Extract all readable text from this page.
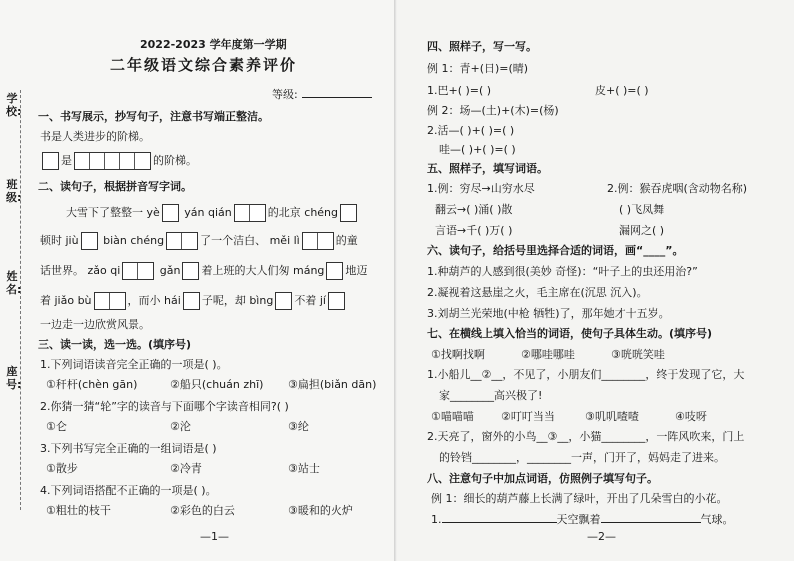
学校:
班级:
姓名:
座号:
2022-2023 学年度第一学期
二年级语文综合素养评价
等级:
一、书写展示，抄写句子，注意书写端正整洁。
书是人类进步的阶梯。
是	的阶梯。
二、读句子，根据拼音写字词。
大雪下了整整一 yè yán qián	的北京 chéng
顿时 jiù biàn chéng	了一个洁白、 měi lì	的童
话世界。 zǎo qi	gǎn 着上班的大人们匆 máng 地迈
着 jiǎo bù	，而小 hái 子呢，却 bìng 不着 jí
一边走一边欣赏风景。
三、读一读，选一选。(填序号)
1.下列词语读音完全正确的一项是( )。
①秆杆(chèn gān)	②船只(chuán zhī) ③扁担(biǎn dān)
2.你猜一猜“轮”字的读音与下面哪个字读音相同?( )
①仑	②沦	③纶
3.下列书写完全正确的一组词语是( )
①散步	②冷青	③站士
4.下列词语搭配不正确的一项是( )。
①粗壮的枝干	②彩色的白云	③暖和的火炉
—1—
四、照样子，写一写。
例 1：青+(日)=(晴)
1.巴+( )=( )	皮+( )=( )
例 2：场—(土)+(木)=(杨)
2.活—( )+( )=( )
哇—( )+( )=( )
五、照样子，填写词语。
1.例：穷尽→山穷水尽	2.例：猴吞虎咽(含动物名称)
翻云→( )涌( )散	( )飞凤舞
言语→千( )万( )	漏网之( )
六、读句子，给括号里选择合适的词语，画“____”。
1.种葫芦的人感到很(美妙 奇怪)：“叶子上的虫还用治?”
2.凝视着这悬崖之火，毛主席在(沉思 沉入)。
3.刘胡兰光荣地(中枪 牺牲)了，那年她才十五岁。
七、在横线上填入恰当的词语，使句子具体生动。(填序号)
①找啊找啊	②哪哇哪哇	③咣咣笑哇
1.小船儿__②__，不见了，小朋友们________，终于发现了它，大
家________高兴极了!
①喵喵喵 ②叮叮当当	③叽叽喳喳	④吱呀
2.天亮了，窗外的小鸟__③__，小猫________，一阵风吹来，门上
的铃铛________，________一声，门开了，妈妈走了进来。
八、注意句子中加点词语，仿照例子填写句子。
例 1：细长的葫芦藤上长满了绿叶，开出了几朵雪白的小花。
1.	天空飘着	气球。
—2—
